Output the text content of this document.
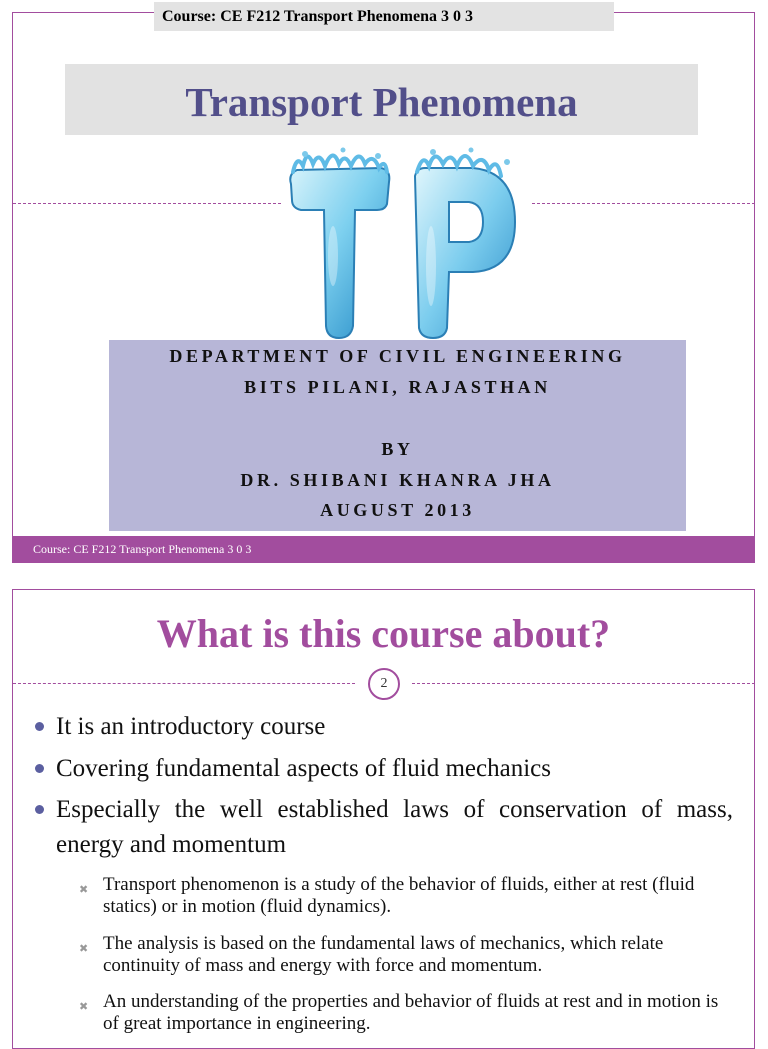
Course: CE F212 Transport Phenomena 3 0 3
Transport Phenomena
DEPARTMENT OF CIVIL ENGINEERING
BITS PILANI, RAJASTHAN
BY
DR. SHIBANI KHANRA JHA
AUGUST 2013
Course: CE F212 Transport Phenomena 3 0 3
What is this course about?
2
It is an introductory course
Covering fundamental aspects of fluid mechanics
Especially the well established laws of conservation of mass, energy and momentum
✖ Transport phenomenon is a study of the behavior of fluids, either at rest (fluid statics) or in motion (fluid dynamics).
✖ The analysis is based on the fundamental laws of mechanics, which relate continuity of mass and energy with force and momentum.
✖ An understanding of the properties and behavior of fluids at rest and in motion is of great importance in engineering.
